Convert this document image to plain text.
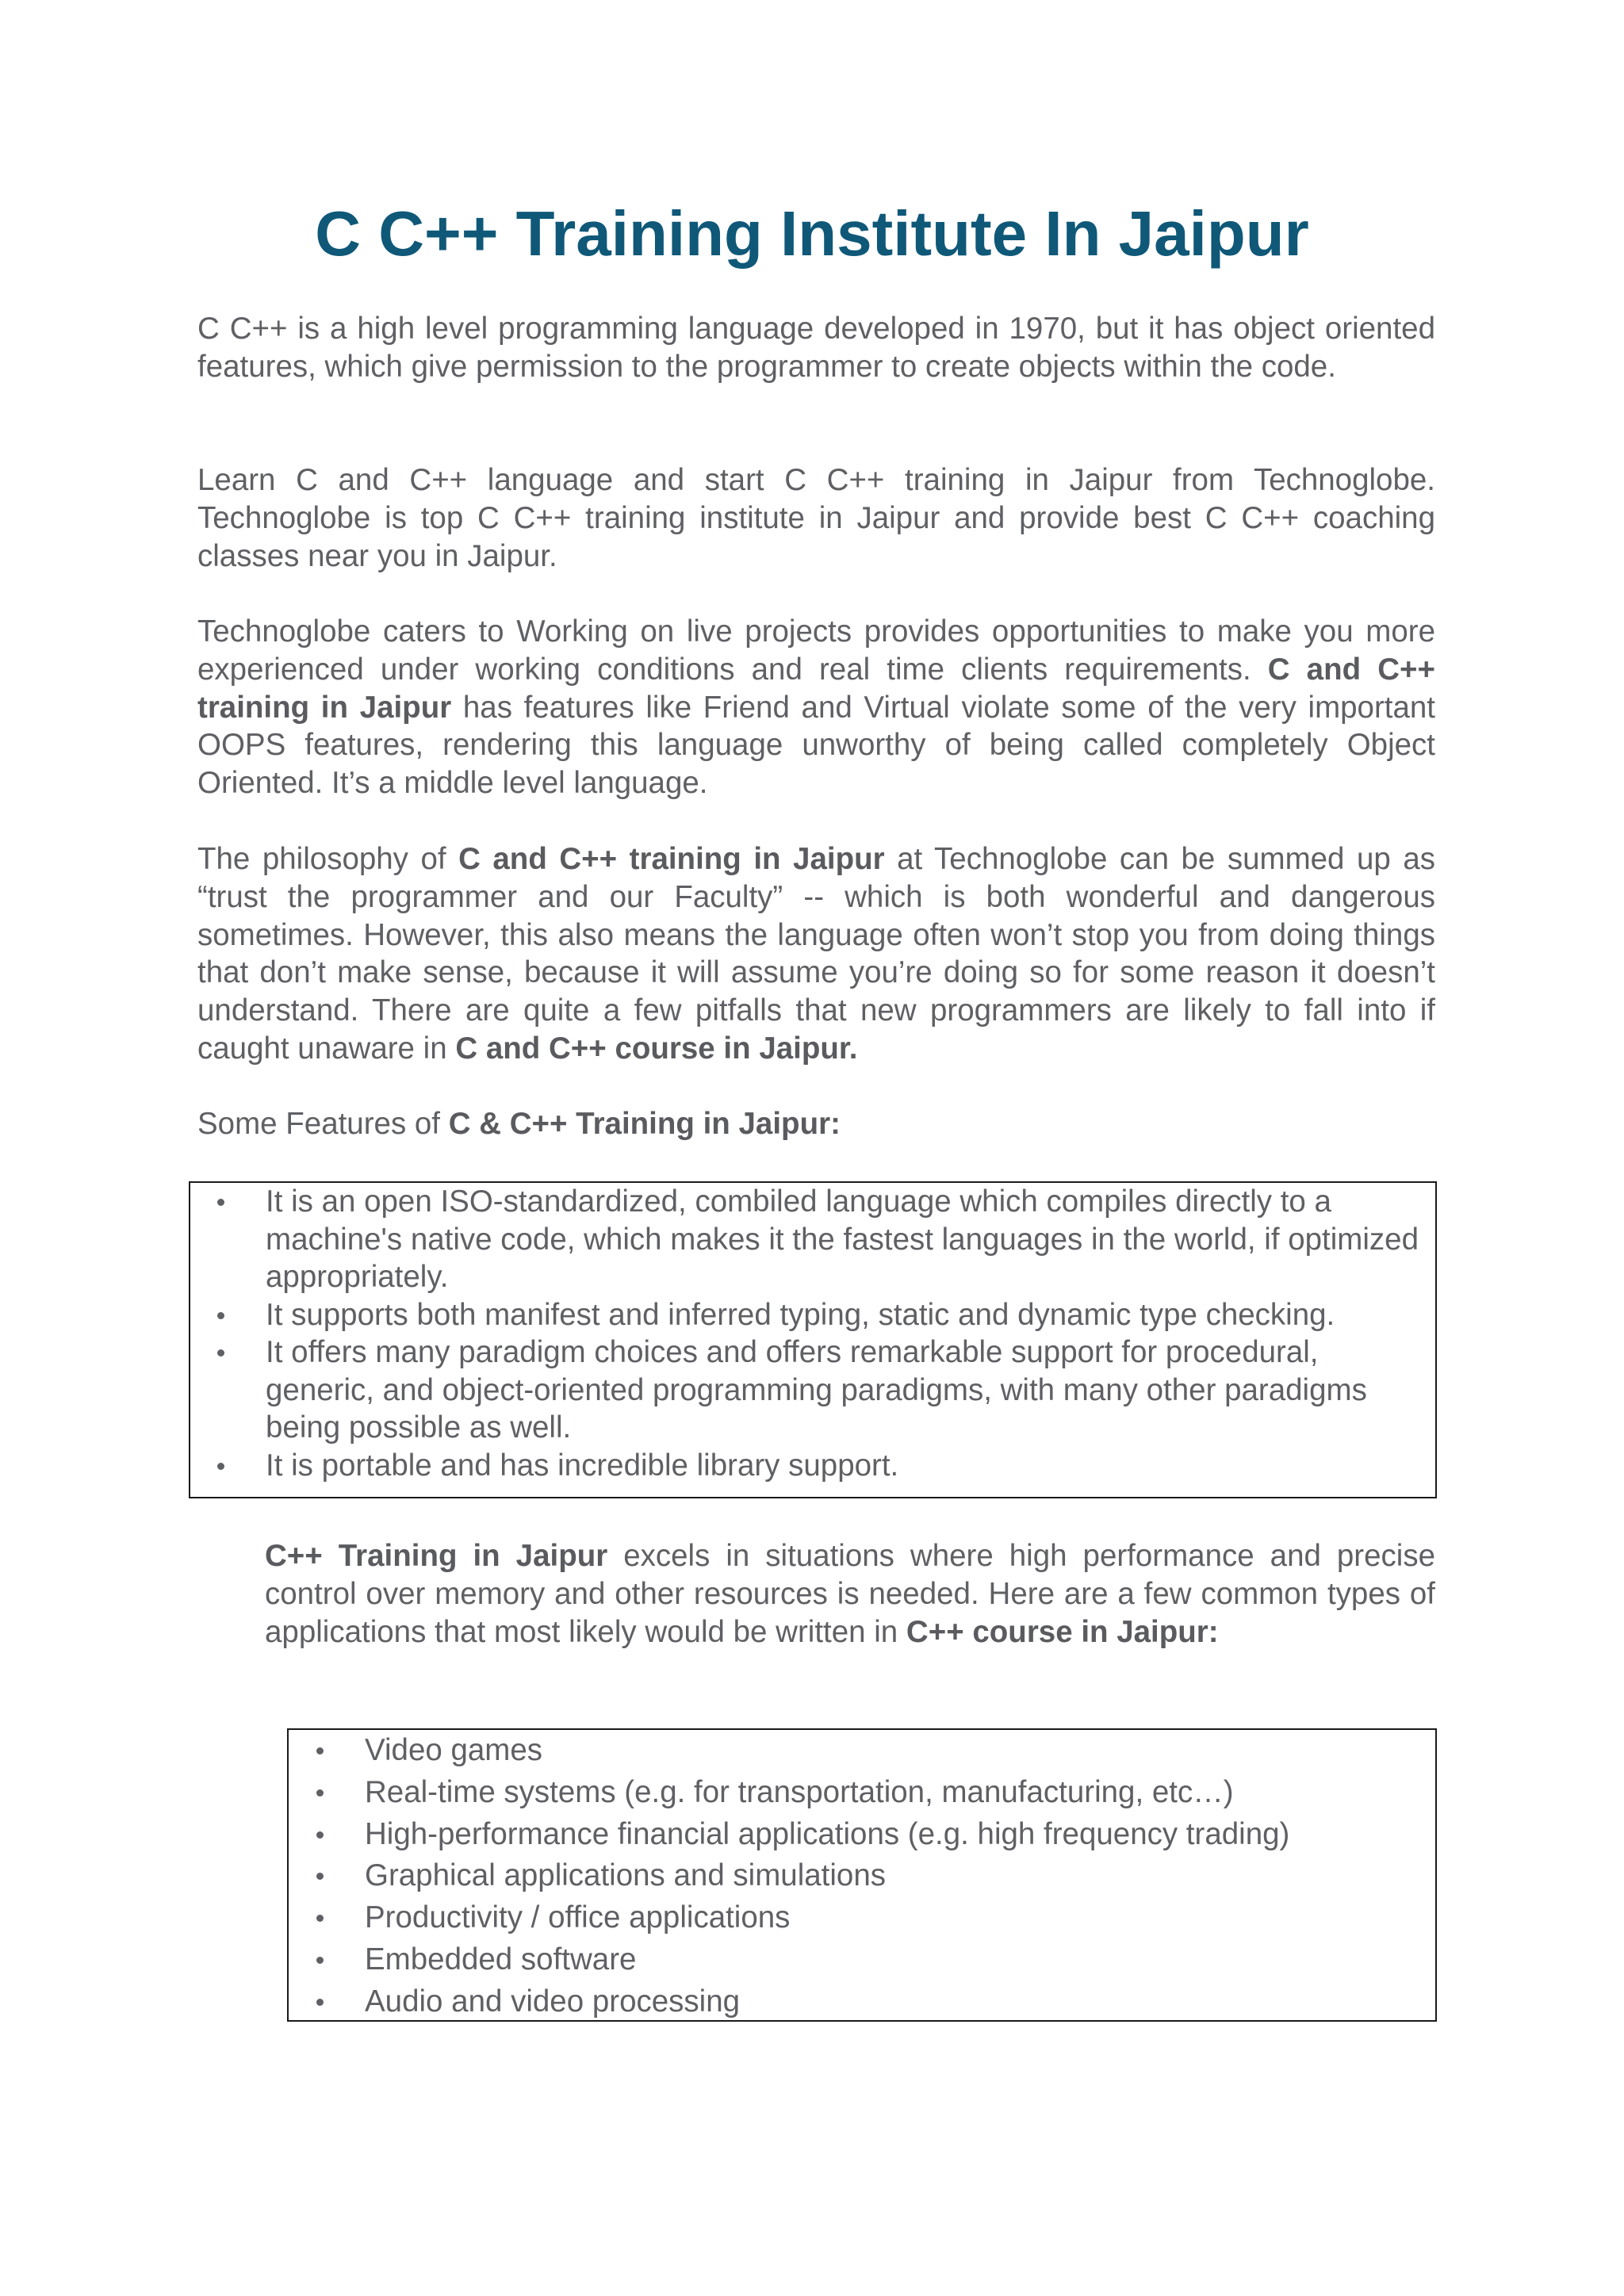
C C++ Training Institute In Jaipur

C C++ is a high level programming language developed in 1970, but it has object oriented features, which give permission to the programmer to create objects within the code.

Learn C and C++ language and start C C++ training in Jaipur from Technoglobe. Technoglobe is top C C++ training institute in Jaipur and provide best C C++ coaching classes near you in Jaipur.

Technoglobe caters to Working on live projects provides opportunities to make you more experienced under working conditions and real time clients requirements. C and C++ training in Jaipur has features like Friend and Virtual violate some of the very important OOPS features, rendering this language unworthy of being called completely Object Oriented. It’s a middle level language.

The philosophy of C and C++ training in Jaipur at Technoglobe can be summed up as “trust the programmer and our Faculty” -- which is both wonderful and dangerous sometimes. However, this also means the language often won’t stop you from doing things that don’t make sense, because it will assume you’re doing so for some reason it doesn’t understand. There are quite a few pitfalls that new programmers are likely to fall into if caught unaware in C and C++ course in Jaipur.

Some Features of C & C++ Training in Jaipur:

It is an open ISO-standardized, combiled language which compiles directly to a machine's native code, which makes it the fastest languages in the world, if optimized appropriately.
It supports both manifest and inferred typing, static and dynamic type checking.
It offers many paradigm choices and offers remarkable support for procedural, generic, and object-oriented programming paradigms, with many other paradigms being possible as well.
It is portable and has incredible library support.

C++ Training in Jaipur excels in situations where high performance and precise control over memory and other resources is needed. Here are a few common types of applications that most likely would be written in C++ course in Jaipur:

Video games
Real-time systems (e.g. for transportation, manufacturing, etc…)
High-performance financial applications (e.g. high frequency trading)
Graphical applications and simulations
Productivity / office applications
Embedded software
Audio and video processing
